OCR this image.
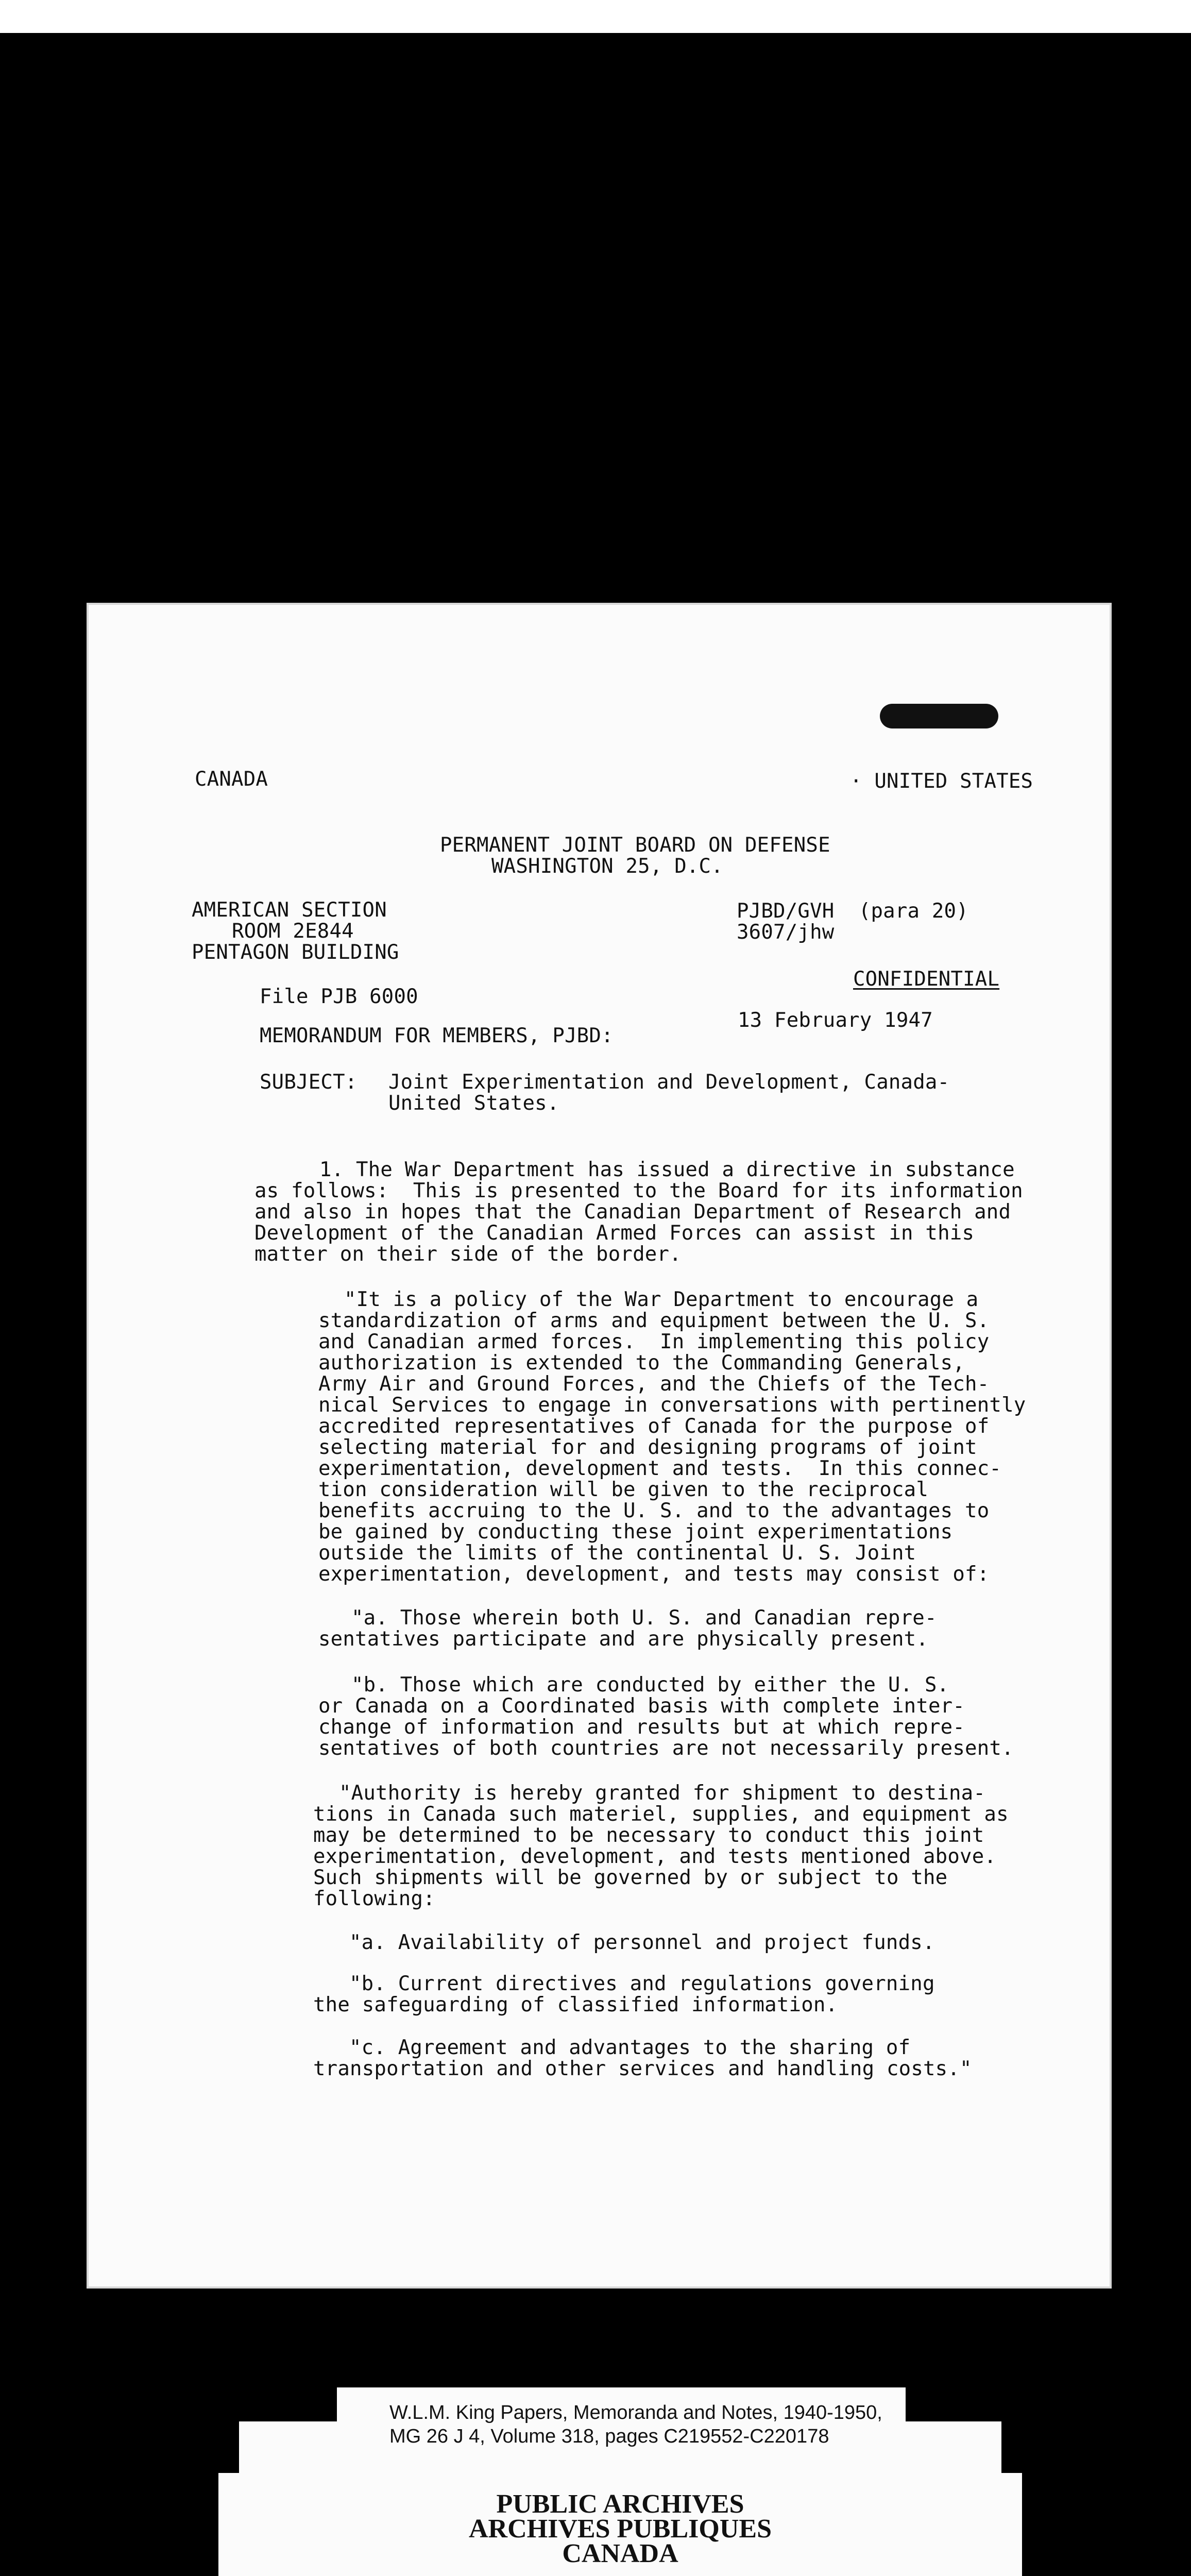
CANADA	· UNITED STATES
PERMANENT JOINT BOARD ON DEFENSE
WASHINGTON 25, D.C.
AMERICAN SECTION
ROOM 2E844
PENTAGON BUILDING
PJBD/GVH  (para 20)
3607/jhw
CONFIDENTIAL
File PJB 6000
13 February 1947
MEMORANDUM FOR MEMBERS, PJBD:
SUBJECT: Joint Experimentation and Development, Canada-
United States.
1. The War Department has issued a directive in substance
as follows:  This is presented to the Board for its information
and also in hopes that the Canadian Department of Research and
Development of the Canadian Armed Forces can assist in this
matter on their side of the border.
"It is a policy of the War Department to encourage a
standardization of arms and equipment between the U. S.
and Canadian armed forces.  In implementing this policy
authorization is extended to the Commanding Generals,
Army Air and Ground Forces, and the Chiefs of the Tech-
nical Services to engage in conversations with pertinently
accredited representatives of Canada for the purpose of
selecting material for and designing programs of joint
experimentation, development and tests.  In this connec-
tion consideration will be given to the reciprocal
benefits accruing to the U. S. and to the advantages to
be gained by conducting these joint experimentations
outside the limits of the continental U. S. Joint
experimentation, development, and tests may consist of:
"a. Those wherein both U. S. and Canadian repre-
sentatives participate and are physically present.
"b. Those which are conducted by either the U. S.
or Canada on a Coordinated basis with complete inter-
change of information and results but at which repre-
sentatives of both countries are not necessarily present.
"Authority is hereby granted for shipment to destina-
tions in Canada such materiel, supplies, and equipment as
may be determined to be necessary to conduct this joint
experimentation, development, and tests mentioned above.
Such shipments will be governed by or subject to the
following:
"a. Availability of personnel and project funds.
"b. Current directives and regulations governing
the safeguarding of classified information.
"c. Agreement and advantages to the sharing of
transportation and other services and handling costs."
W.L.M. King Papers, Memoranda and Notes, 1940-1950,
MG 26 J 4, Volume 318, pages C219552-C220178
PUBLIC ARCHIVES
ARCHIVES PUBLIQUES
CANADA
